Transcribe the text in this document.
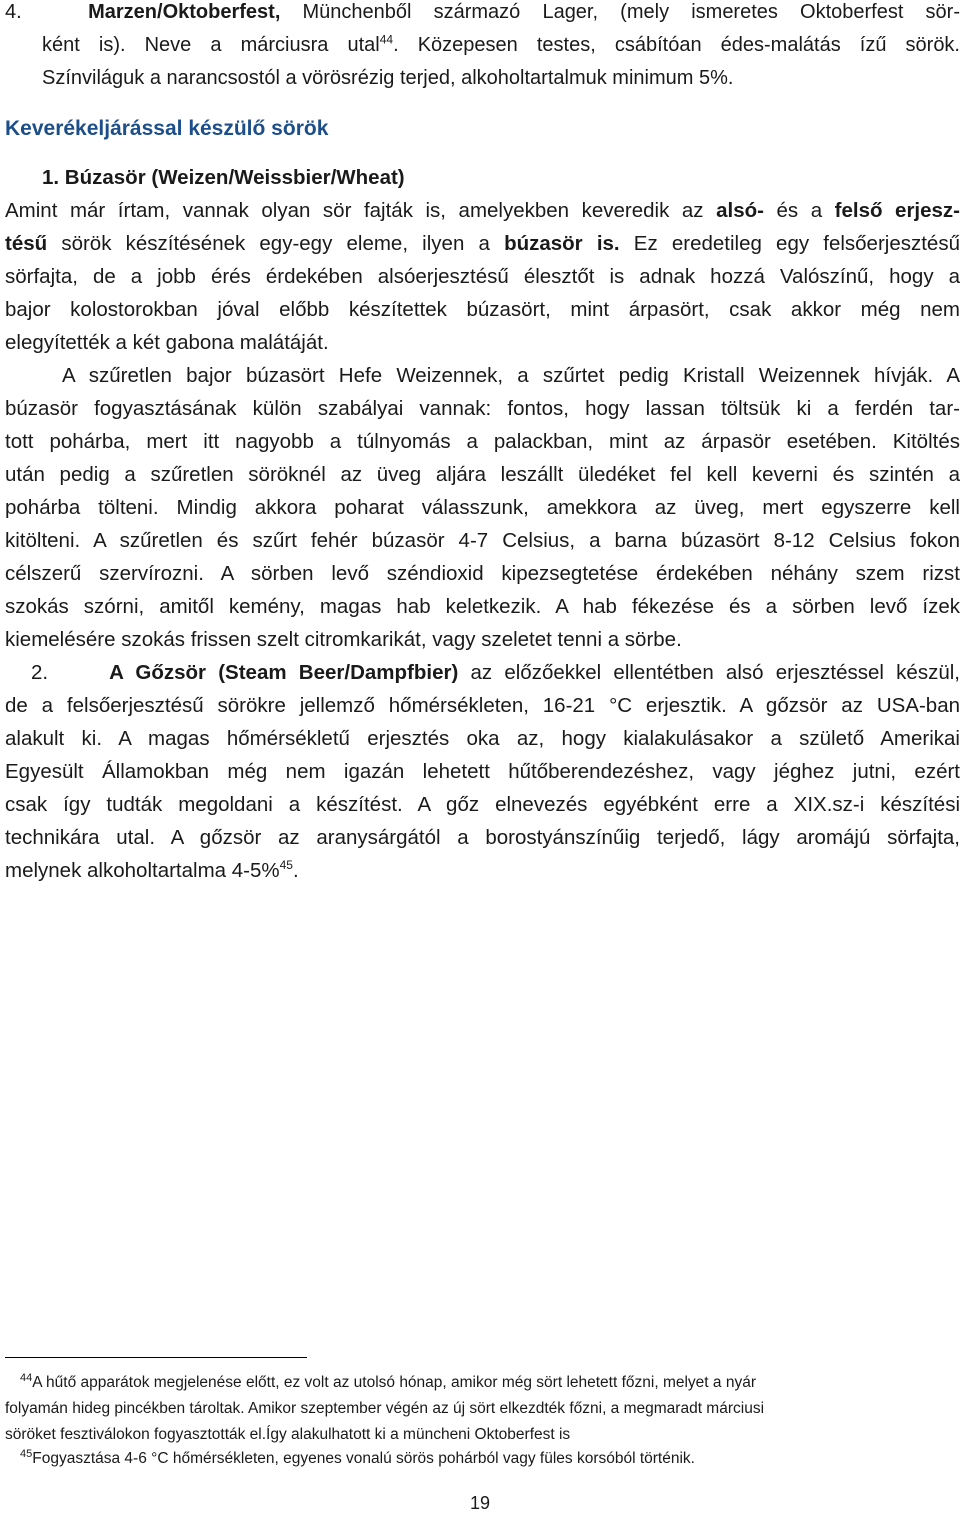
4.	Marzen/Oktoberfest, Münchenből származó Lager, (mely ismeretes Oktoberfest sör-
ként is). Neve a márciusra utal$^{44}$. Közepesen testes, csábítóan édes-malátás ízű sörök.
Színviláguk a narancsostól a vörösrézig terjed, alkoholtartalmuk minimum 5%.
Keverékeljárással készülő sörök
1. Búzasör (Weizen/Weissbier/Wheat)
Amint már írtam, vannak olyan sör fajták is, amelyekben keveredik az alsó- és a felső erjesz-
tésű sörök készítésének egy-egy eleme, ilyen a búzasör is. Ez eredetileg egy felsőerjesztésű
sörfajta, de a jobb érés érdekében alsóerjesztésű élesztőt is adnak hozzá Valószínű, hogy a
bajor kolostorokban jóval előbb készítettek búzasört, mint árpasört, csak akkor még nem
elegyítették a két gabona malátáját.
A szűretlen bajor búzasört Hefe Weizennek, a szűrtet pedig Kristall Weizennek hívják. A
búzasör fogyasztásának külön szabályai vannak: fontos, hogy lassan töltsük ki a ferdén tar-
tott pohárba, mert itt nagyobb a túlnyomás a palackban, mint az árpasör esetében. Kitöltés
után pedig a szűretlen söröknél az üveg aljára leszállt üledéket fel kell keverni és szintén a
pohárba tölteni. Mindig akkora poharat válasszunk, amekkora az üveg, mert egyszerre kell
kitölteni. A szűretlen és szűrt fehér búzasör 4-7 Celsius, a barna búzasört 8-12 Celsius fokon
célszerű szervírozni. A sörben levő széndioxid kipezsegtetése érdekében néhány szem rizst
szokás szórni, amitől kemény, magas hab keletkezik. A hab fékezése és a sörben levő ízek
kiemelésére szokás frissen szelt citromkarikát, vagy szeletet tenni a sörbe.
2.	A Gőzsör (Steam Beer/Dampfbier) az előzőekkel ellentétben alsó erjesztéssel készül,
de a felsőerjesztésű sörökre jellemző hőmérsékleten, 16-21 °C erjesztik. A gőzsör az USA-ban
alakult ki. A magas hőmérsékletű erjesztés oka az, hogy kialakulásakor a születő Amerikai
Egyesült Államokban még nem igazán lehetett hűtőberendezéshez, vagy jéghez jutni, ezért
csak így tudták megoldani a készítést. A gőz elnevezés egyébként erre a XIX.sz-i készítési
technikára utal. A gőzsör az aranysárgától a borostyánszínűig terjedő, lágy aromájú sörfajta,
melynek alkoholtartalma 4-5%$^{45}$.
$^{44}$A hűtő apparátok megjelenése előtt, ez volt az utolsó hónap, amikor még sört lehetett főzni, melyet a nyár
folyamán hideg pincékben tároltak. Amikor szeptember végén az új sört elkezdték főzni, a megmaradt márciusi
söröket fesztiválokon fogyasztották el.Így alakulhatott ki a müncheni Oktoberfest is
$^{45}$Fogyasztása 4-6 °C hőmérsékleten, egyenes vonalú sörös pohárból vagy füles korsóból történik.
19
